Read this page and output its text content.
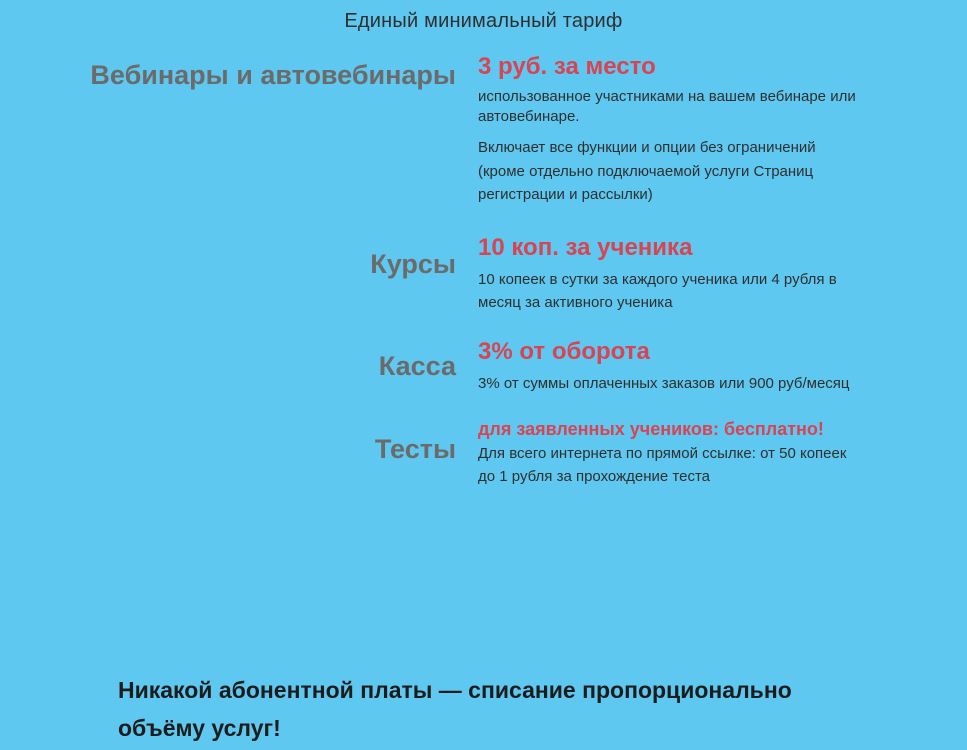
Единый минимальный тариф
Вебинары и автовебинары 3 руб. за место
использованное участниками на вашем вебинаре или автовебинаре.
Включает все функции и опции без ограничений (кроме отдельно подключаемой услуги Страниц регистрации и рассылки)
Курсы
10 коп. за ученика
10 копеек в сутки за каждого ученика или 4 рубля в месяц за активного ученика
Касса 3% от оборота
3% от суммы оплаченных заказов или 900 руб/месяц
Тесты
для заявленных учеников: бесплатно!
Для всего интернета по прямой ссылке: от 50 копеек до 1 рубля за прохождение теста
Никакой абонентной платы — списание пропорционально объёму услуг!
